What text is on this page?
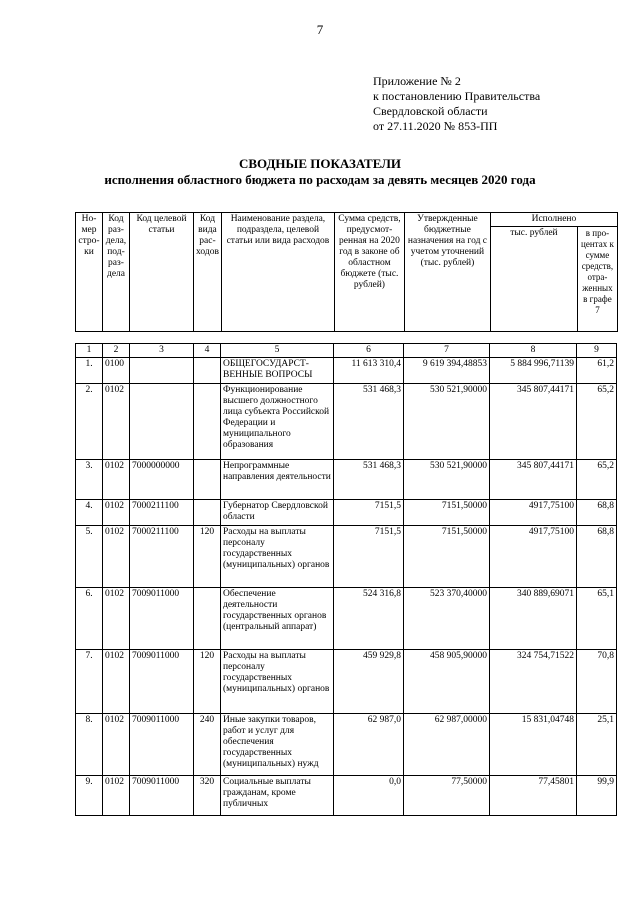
7
Приложение № 2
к постановлению Правительства
Свердловской области
от 27.11.2020 № 853-ПП
СВОДНЫЕ ПОКАЗАТЕЛИ
исполнения областного бюджета по расходам за девять месяцев 2020 года
Но-мер стро-ки	Код раз-дела, под-раз-дела	Код целевой статьи	Код вида рас-ходов	Наименование раздела, подраздела, целевой статьи или вида расходов	Сумма средств, предусмот-ренная на 2020 год в законе об областном бюджете (тыс. рублей)	Утвержденные бюджетные назначения на год с учетом уточнений (тыс. рублей)	Исполнено	
							тыс. рублей	в про-центах к сумме средств, отра-женных в графе 7
1	2	3	4	5	6	7	8	9
1.	0100			ОБЩЕГОСУДАРСТ-ВЕННЫЕ ВОПРОСЫ	11 613 310,4	9 619 394,48853	5 884 996,71139	61,2
2.	0102			Функционирование высшего должностного лица субъекта Российской Федерации и муниципального образования	531 468,3	530 521,90000	345 807,44171	65,2
3.	0102	7000000000		Непрограммные направления деятельности	531 468,3	530 521,90000	345 807,44171	65,2
4.	0102	7000211100		Губернатор Свердловской области	7151,5	7151,50000	4917,75100	68,8
5.	0102	7000211100	120	Расходы на выплаты персоналу государственных (муниципальных) органов	7151,5	7151,50000	4917,75100	68,8
6.	0102	7009011000		Обеспечение деятельности государственных органов (центральный аппарат)	524 316,8	523 370,40000	340 889,69071	65,1
7.	0102	7009011000	120	Расходы на выплаты персоналу государственных (муниципальных) органов	459 929,8	458 905,90000	324 754,71522	70,8
8.	0102	7009011000	240	Иные закупки товаров, работ и услуг для обеспечения государственных (муниципальных) нужд	62 987,0	62 987,00000	15 831,04748	25,1
9.	0102	7009011000	320	Социальные выплаты гражданам, кроме публичных	0,0	77,50000	77,45801	99,9
